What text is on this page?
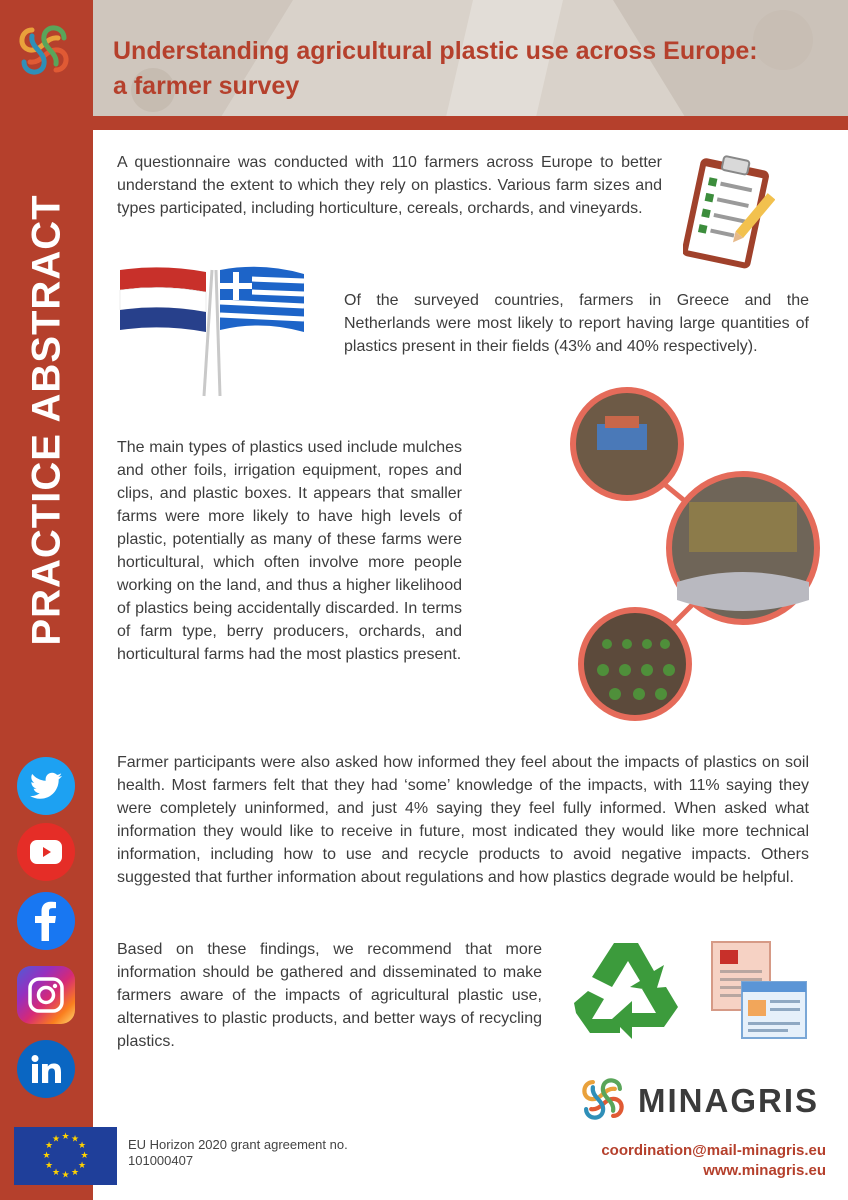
PRACTICE ABSTRACT
★ ★
★
★
★
★
★
★
★
★
★
★
Understanding agricultural plastic use across Europe:
a farmer survey

A questionnaire was conducted with 110 farmers across Europe to better understand the extent to which they rely on plastics. Various farm sizes and types participated, including horticulture, cereals, orchards, and vineyards.

Of the surveyed countries, farmers in Greece and the Netherlands were most likely to report having large quantities of plastics present in their fields (43% and 40% respectively).

The main types of plastics used include mulches and other foils, irrigation equipment, ropes and clips, and plastic boxes. It appears that smaller farms were more likely to have high levels of plastic, potentially as many of these farms were horticultural, which often involve more people working on the land, and thus a higher likelihood of plastics being accidentally discarded. In terms of farm type, berry producers, orchards, and horticultural farms had the most plastics present.

Farmer participants were also asked how informed they feel about the impacts of plastics on soil health. Most farmers felt that they had ‘some’ knowledge of the impacts, with 11% saying they were completely uninformed, and just 4% saying they feel fully informed. When asked what information they would like to receive in future, most indicated they would like more technical information, including how to use and recycle products to avoid negative impacts. Others suggested that further information about regulations and how plastics degrade would be helpful.

Based on these findings, we recommend that more information should be gathered and disseminated to make farmers aware of the impacts of agricultural plastic use, alternatives to plastic products, and better ways of recycling plastics.

MINAGRIS
EU Horizon 2020 grant agreement no.
101000407
coordination@mail-minagris.eu
www.minagris.eu
